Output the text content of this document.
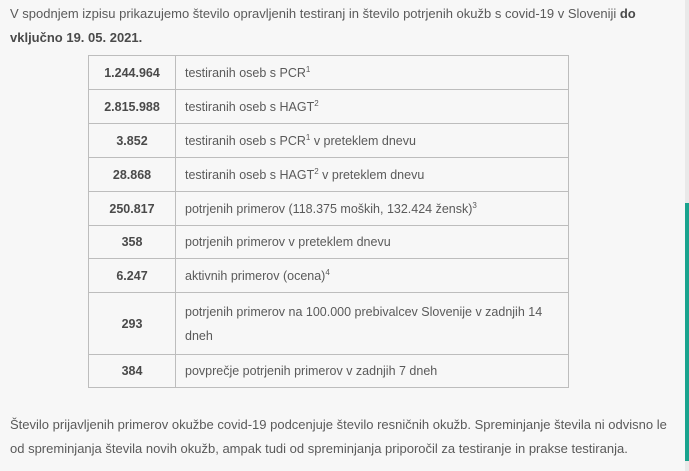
V spodnjem izpisu prikazujemo število opravljenih testiranj in število potrjenih okužb s covid-19 v Sloveniji do vključno 19. 05. 2021.

1.244.964	testiranih oseb s PCR$^1$
2.815.988	testiranih oseb s HAGT$^2$
3.852	testiranih oseb s PCR$^1$ v preteklem dnevu
28.868	testiranih oseb s HAGT$^2$ v preteklem dnevu
250.817	potrjenih primerov (118.375 moških, 132.424 žensk)$^3$
358	potrjenih primerov v preteklem dnevu
6.247	aktivnih primerov (ocena)$^4$
293	potrjenih primerov na 100.000 prebivalcev Slovenije v zadnjih 14 dneh
384	povprečje potrjenih primerov v zadnjih 7 dneh

Število prijavljenih primerov okužbe covid-19 podcenjuje število resničnih okužb. Spreminjanje števila ni odvisno le od spreminjanja števila novih okužb, ampak tudi od spreminjanja priporočil za testiranje in prakse testiranja.
